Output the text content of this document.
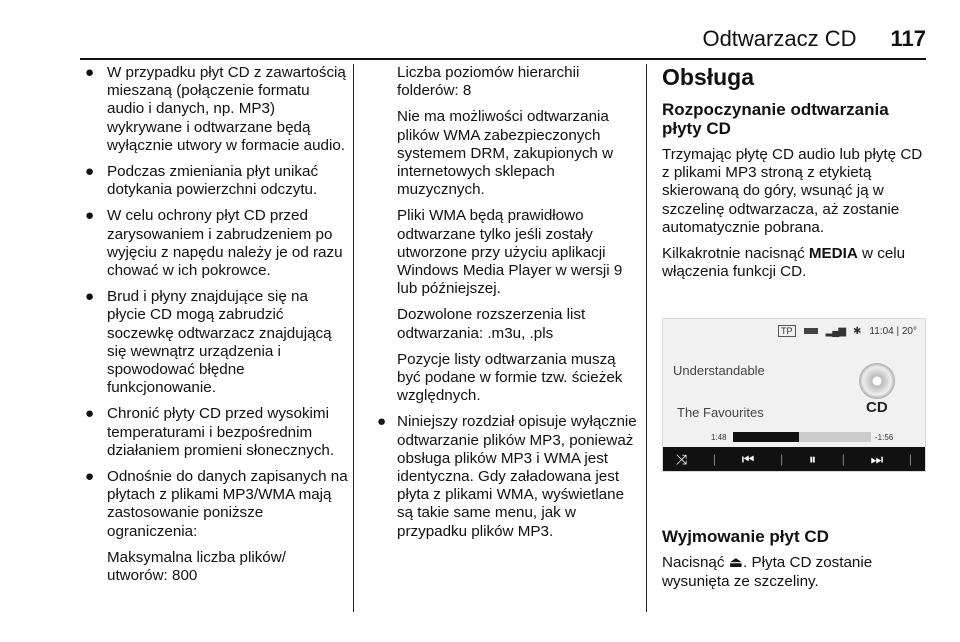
Odtwarzacz CD 117
● W przypadku płyt CD z zawartością mieszaną (połączenie formatu audio i danych, np. MP3) wykrywane i odtwarzane będą wyłącznie utwory w formacie audio.
● Podczas zmieniania płyt unikać dotykania powierzchni odczytu.
● W celu ochrony płyt CD przed zarysowaniem i zabrudzeniem po wyjęciu z napędu należy je od razu chować w ich pokrowce.
● Brud i płyny znajdujące się na płycie CD mogą zabrudzić soczewkę odtwarzacz znajdującą się wewnątrz urządzenia i spowodować błędne funkcjonowanie.
● Chronić płyty CD przed wysokimi temperaturami i bezpośrednim działaniem promieni słonecznych.
● Odnośnie do danych zapisanych na płytach z plikami MP3/WMA mają zastosowanie poniższe ograniczenia:

Maksymalna liczba plików/ utworów: 800

Liczba poziomów hierarchii folderów: 8

Nie ma możliwości odtwarzania plików WMA zabezpieczonych systemem DRM, zakupionych w internetowych sklepach muzycznych.

Pliki WMA będą prawidłowo odtwarzane tylko jeśli zostały utworzone przy użyciu aplikacji Windows Media Player w wersji 9 lub późniejszej.

Dozwolone rozszerzenia list odtwarzania: .m3u, .pls

Pozycje listy odtwarzania muszą być podane w formie tzw. ścieżek względnych.

● Niniejszy rozdział opisuje wyłącznie odtwarzanie plików MP3, ponieważ obsługa plików MP3 i WMA jest identyczna. Gdy załadowana jest płyta z plikami WMA, wyświetlane są takie same menu, jak w przypadku plików MP3.
Obsługa
Rozpoczynanie odtwarzania płyty CD

Trzymając płytę CD audio lub płytę CD z plikami MP3 stroną z etykietą skierowaną do góry, wsunąć ją w szczelinę odtwarzacza, aż zostanie automatycznie pobrana.

Kilkakrotnie nacisnąć MEDIA w celu włączenia funkcji CD.

Wyjmowanie płyt CD

Nacisnąć ⏏. Płyta CD zostanie wysunięta ze szczeliny.

TP	▂▄▆ ✱ 11:04 | 20°
Understandable
The Favourites	CD
1:48	-1:56
⤨ | ⏮ | ⏸ | ⏭ |
